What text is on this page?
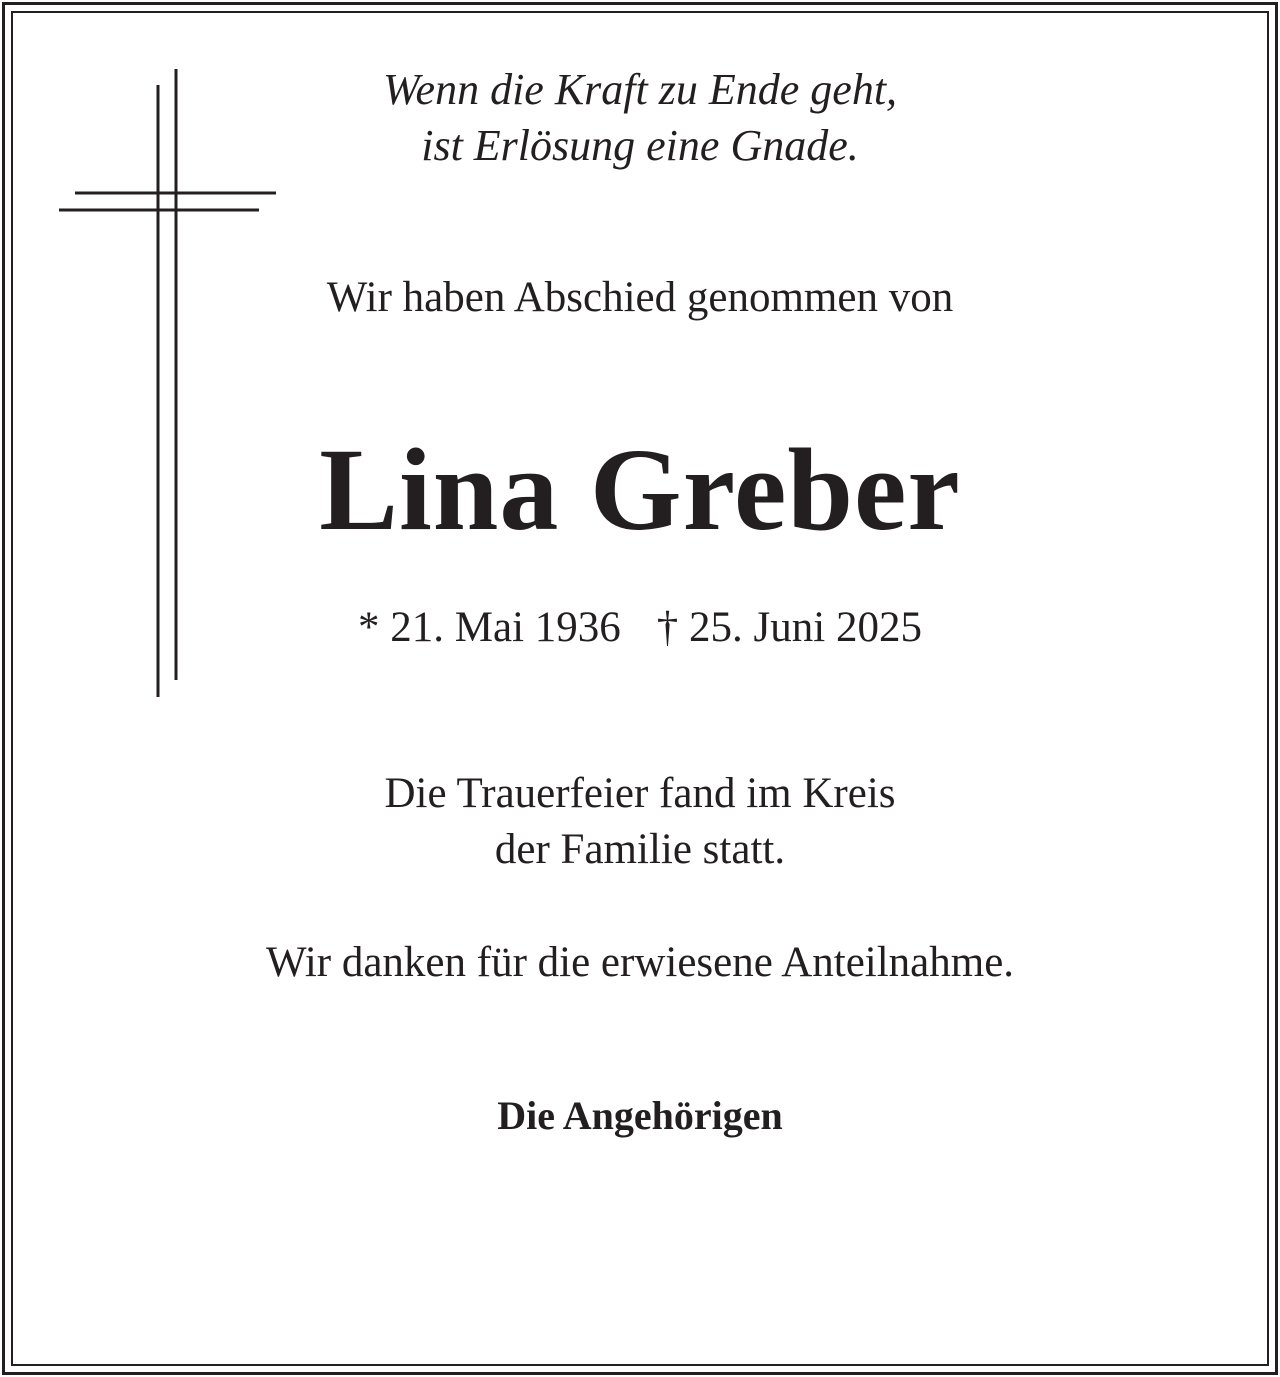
Wenn die Kraft zu Ende geht,
ist Erlösung eine Gnade.
Wir haben Abschied genommen von
Lina Greber
* 21. Mai 1936 † 25. Juni 2025
Die Trauerfeier fand im Kreis
der Familie statt.
Wir danken für die erwiesene Anteilnahme.
Die Angehörigen
